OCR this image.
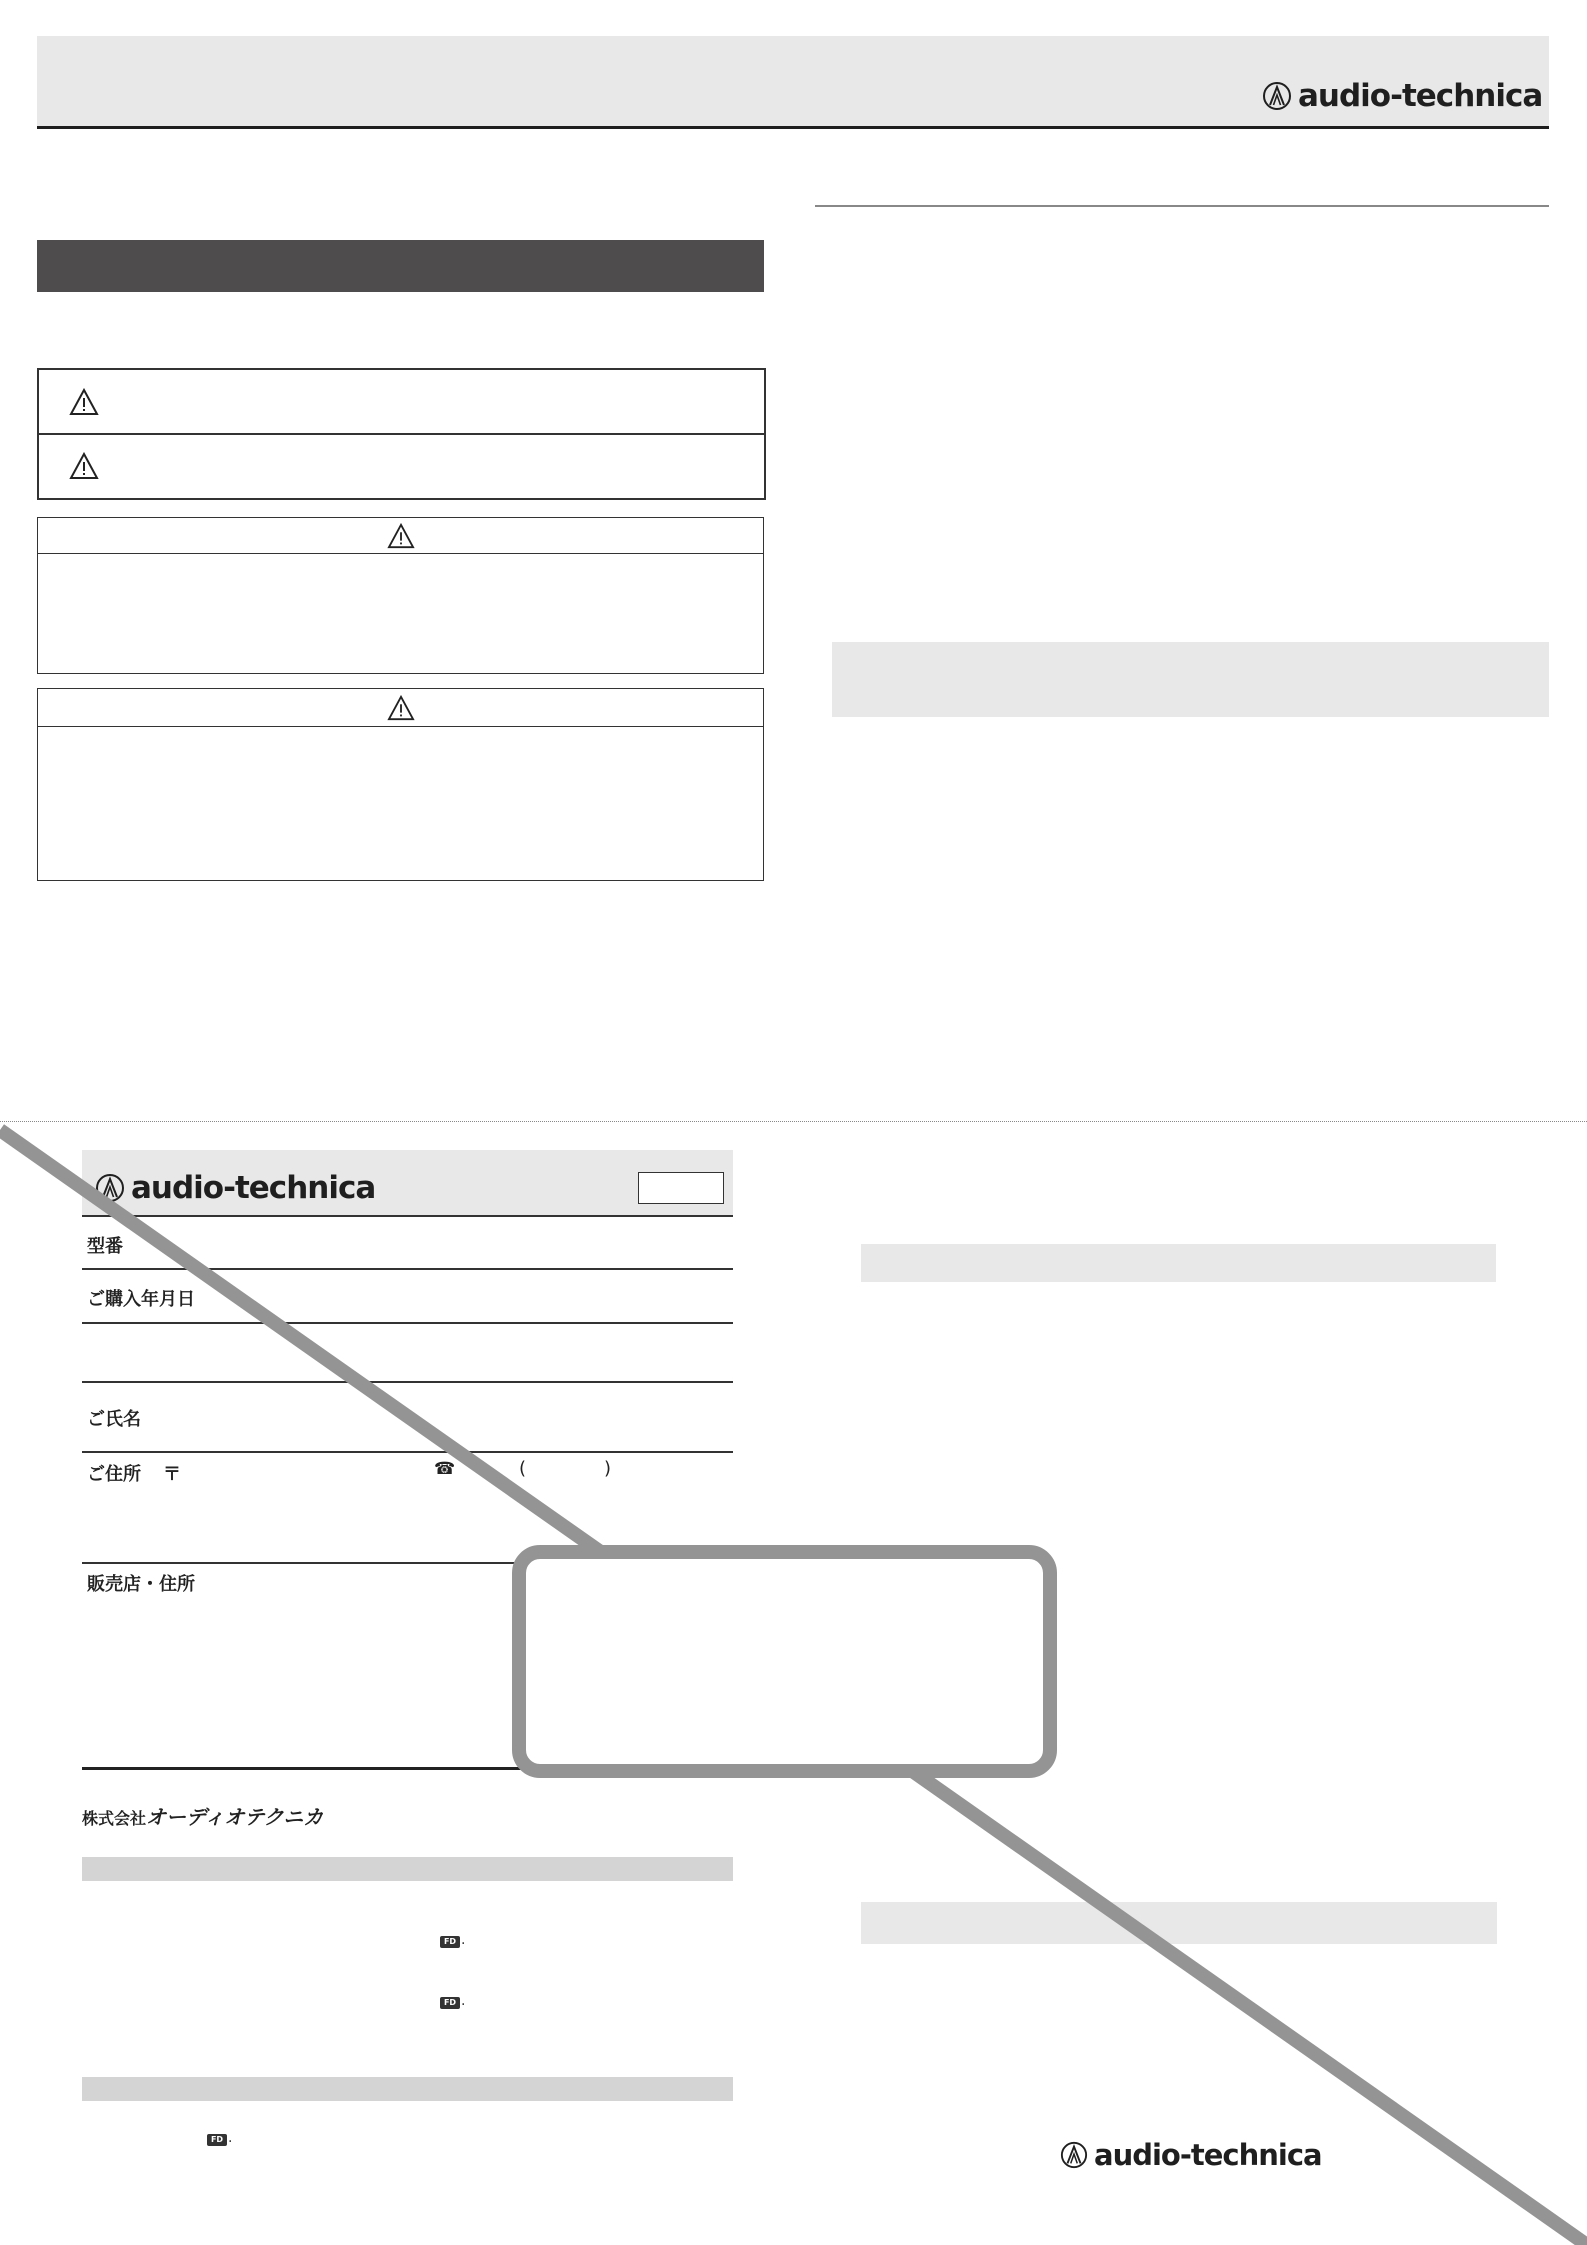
audio-technica
audio-technica
型番
ご購入年月日
ご氏名
ご住所 〒	☎	(	)
販売店・住所
株式会社オーディオテクニカ
FD .
FD .
FD .	audio-technica
